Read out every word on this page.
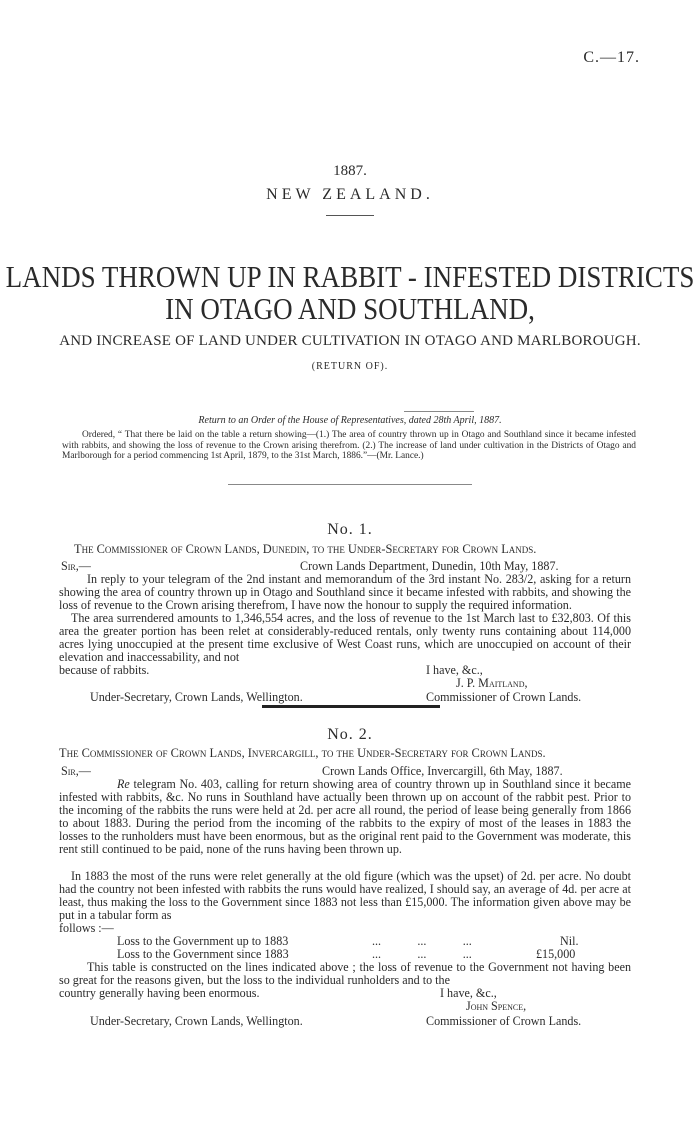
C.—17.
1887.
NEW ZEALAND.
LANDS THROWN UP IN RABBIT - INFESTED DISTRICTS
IN OTAGO AND SOUTHLAND,
AND INCREASE OF LAND UNDER CULTIVATION IN OTAGO AND MARLBOROUGH.
(RETURN OF).
Return to an Order of the House of Representatives, dated 28th April, 1887.
Ordered, “ That there be laid on the table a return showing—(1.) The area of country thrown up in Otago and Southland since it became infested with rabbits, and showing the loss of revenue to the Crown arising therefrom. (2.) The increase of land under cultivation in the Districts of Otago and Marlborough for a period commencing 1st April, 1879, to the 31st March, 1886.”—(Mr. Lance.)
No. 1.
The Commissioner of Crown Lands, Dunedin, to the Under-Secretary for Crown Lands.
Sir,—	Crown Lands Department, Dunedin, 10th May, 1887.
In reply to your telegram of the 2nd instant and memorandum of the 3rd instant No. 283/2, asking for a return showing the area of country thrown up in Otago and Southland since it became infested with rabbits, and showing the loss of revenue to the Crown arising therefrom, I have now the honour to supply the required information.
The area surrendered amounts to 1,346,554 acres, and the loss of revenue to the 1st March last to £32,803. Of this area the greater portion has been relet at considerably-reduced rentals, only twenty runs containing about 114,000 acres lying unoccupied at the present time exclusive of West Coast runs, which are unoccupied on account of their elevation and inaccessability, and not
because of rabbits.	I have, &c.,
J. P. Maitland,
Under-Secretary, Crown Lands, Wellington.	Commissioner of Crown Lands.
No. 2.
The Commissioner of Crown Lands, Invercargill, to the Under-Secretary for Crown Lands.
Sir,—	Crown Lands Office, Invercargill, 6th May, 1887.
Re telegram No. 403, calling for return showing area of country thrown up in Southland since it became infested with rabbits, &c. No runs in Southland have actually been thrown up on account of the rabbit pest. Prior to the incoming of the rabbits the runs were held at 2d. per acre all round, the period of lease being generally from 1866 to about 1883. During the period from the incoming of the rabbits to the expiry of most of the leases in 1883 the losses to the runholders must have been enormous, but as the original rent paid to the Government was moderate, this rent still continued to be paid, none of the runs having been thrown up.
In 1883 the most of the runs were relet generally at the old figure (which was the upset) of 2d. per acre. No doubt had the country not been infested with rabbits the runs would have realized, I should say, an average of 4d. per acre at least, thus making the loss to the Government since 1883 not less than £15,000. The information given above may be put in a tabular form as
follows :—
Loss to the Government up to 1883	...            ...            ...	Nil.
Loss to the Government since 1883	...            ...            ...	£15,000
This table is constructed on the lines indicated above ; the loss of revenue to the Government not having been so great for the reasons given, but the loss to the individual runholders and to the
country generally having been enormous.	I have, &c.,
John Spence,
Under-Secretary, Crown Lands, Wellington.	Commissioner of Crown Lands.
